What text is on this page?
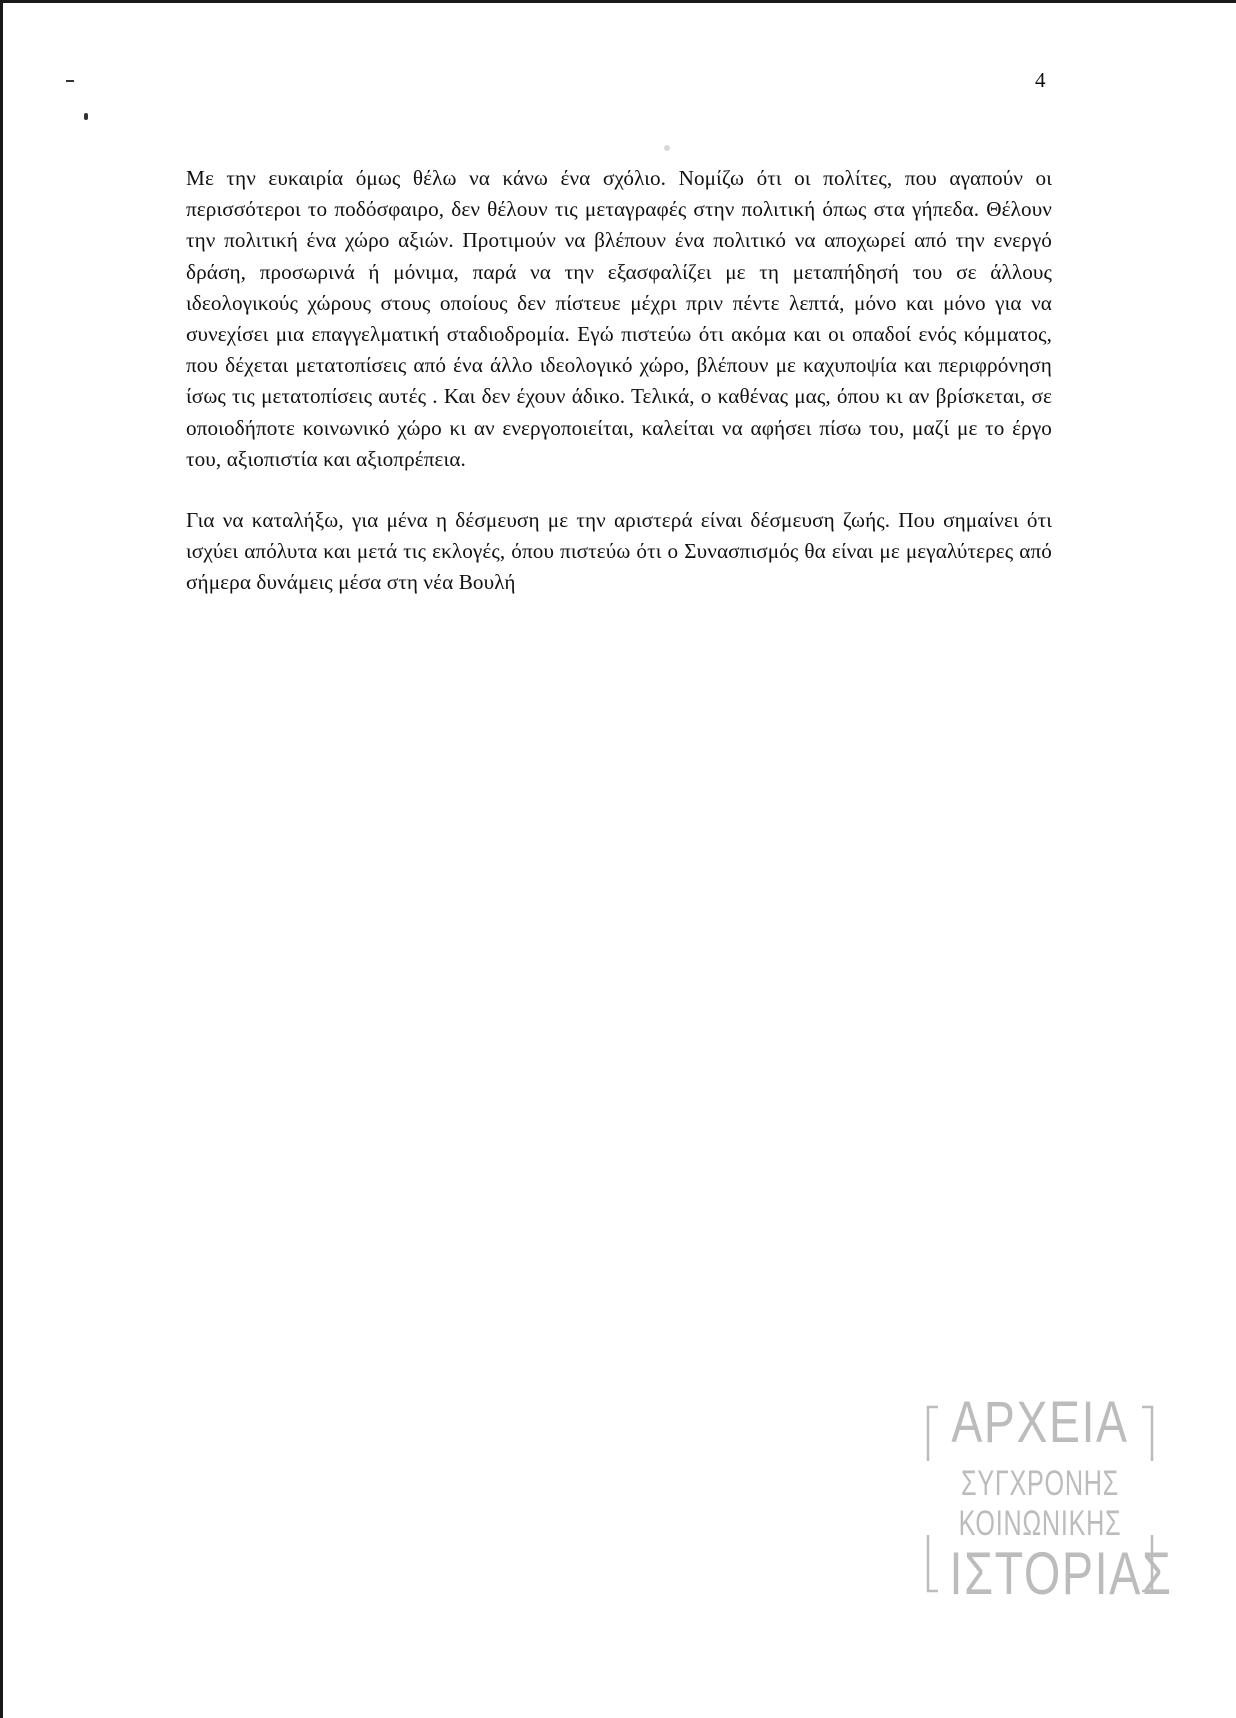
4

Με την ευκαιρία όμως θέλω να κάνω ένα σχόλιο. Νομίζω ότι οι πολίτες, που αγαπούν οι περισσότεροι το ποδόσφαιρο, δεν θέλουν τις μεταγραφές στην πολιτική όπως στα γήπεδα. Θέλουν την πολιτική ένα χώρο αξιών. Προτιμούν να βλέπουν ένα πολιτικό να αποχωρεί από την ενεργό δράση, προσωρινά ή μόνιμα, παρά να την εξασφαλίζει με τη μεταπήδησή του σε άλλους ιδεολογικούς χώρους στους οποίους δεν πίστευε μέχρι πριν πέντε λεπτά, μόνο και μόνο για να συνεχίσει μια επαγγελματική σταδιοδρομία. Εγώ πιστεύω ότι ακόμα και οι οπαδοί ενός κόμματος, που δέχεται μετατοπίσεις από ένα άλλο ιδεολογικό χώρο, βλέπουν με καχυποψία και περιφρόνηση ίσως τις μετατοπίσεις αυτές . Και δεν έχουν άδικο. Τελικά, ο καθένας μας, όπου κι αν βρίσκεται, σε οποιοδήποτε κοινωνικό χώρο κι αν ενεργοποιείται, καλείται να αφήσει πίσω του, μαζί με το έργο του, αξιοπιστία και αξιοπρέπεια.

Για να καταλήξω, για μένα η δέσμευση με την αριστερά είναι δέσμευση ζωής. Που σημαίνει ότι ισχύει απόλυτα και μετά τις εκλογές, όπου πιστεύω ότι ο Συνασπισμός θα είναι με μεγαλύτερες από σήμερα δυνάμεις μέσα στη νέα Βουλή

ΑΡΧΕΙΑ
ΣΥΓΧΡΟΝΗΣ
ΚΟΙΝΩΝΙΚΗΣ
ΙΣΤΟΡΙΑΣ
